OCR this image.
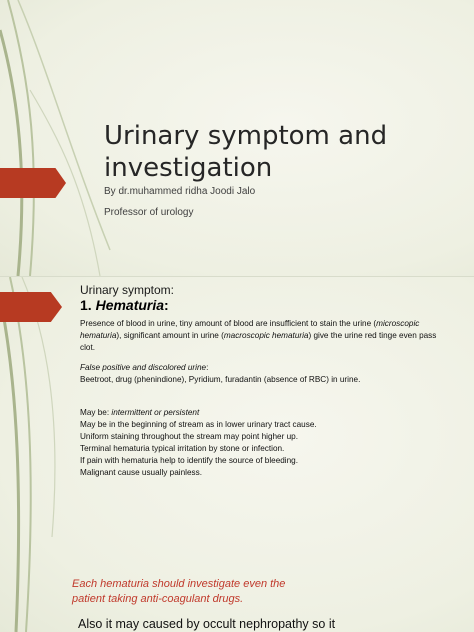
Urinary symptom and
investigation
By dr.muhammed ridha Joodi Jalo
Professor of urology
Urinary symptom:
1. Hematuria:
Presence of blood in urine, tiny amount of blood are insufficient to stain the urine (microscopic hematuria), significant amount in urine (macroscopic hematuria) give the urine red tinge even pass clot.
False positive and discolored urine:
Beetroot, drug (phenindione), Pyridium, furadantin (absence of RBC) in urine.
May be: intermittent or persistent
May be in the beginning of stream as in lower urinary tract cause.
Uniform staining throughout the stream may point higher up.
Terminal hematuria typical irritation by stone or infection.
If pain with hematuria help to identify the source of bleeding.
Malignant cause usually painless.
Each hematuria should investigate even the
patient taking anti-coagulant drugs.
Also it may caused by occult nephropathy so it
